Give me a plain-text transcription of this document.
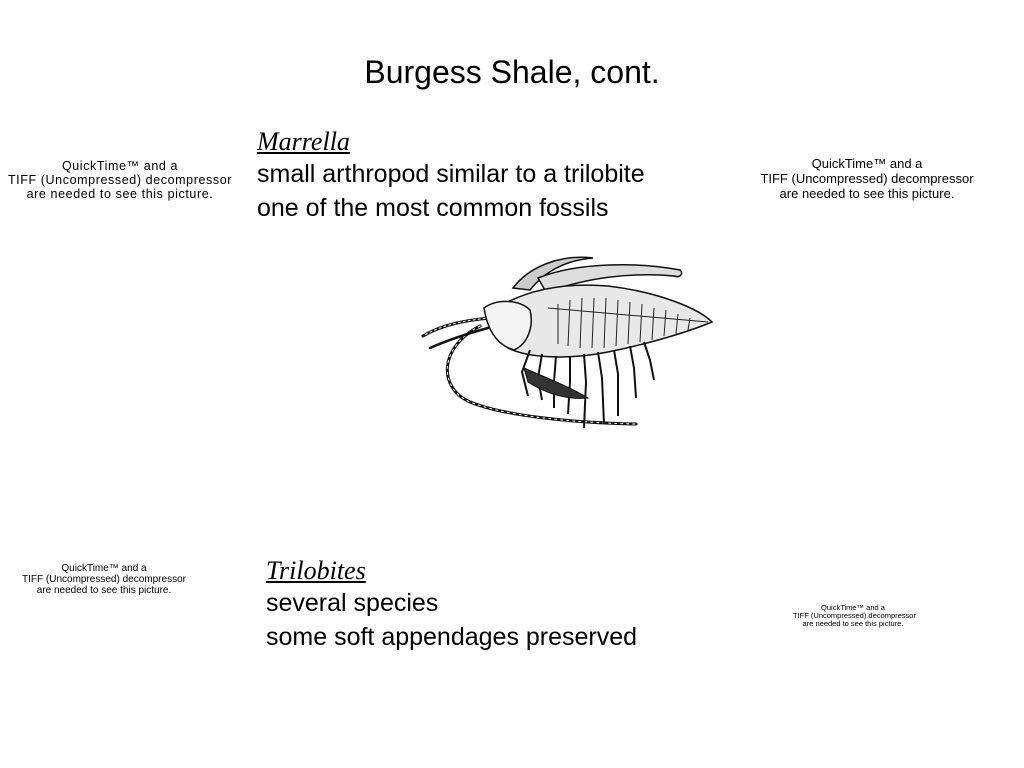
Burgess Shale, cont.
QuickTime™ and a
TIFF (Uncompressed) decompressor
are needed to see this picture.
QuickTime™ and a
TIFF (Uncompressed) decompressor
are needed to see this picture.
QuickTime™ and a
TIFF (Uncompressed) decompressor
are needed to see this picture.
QuickTime™ and a
TIFF (Uncompressed) decompressor
are needed to see this picture.
Marrella
small arthropod similar to a trilobite
one of the most common fossils
Trilobites
several species
some soft appendages preserved
